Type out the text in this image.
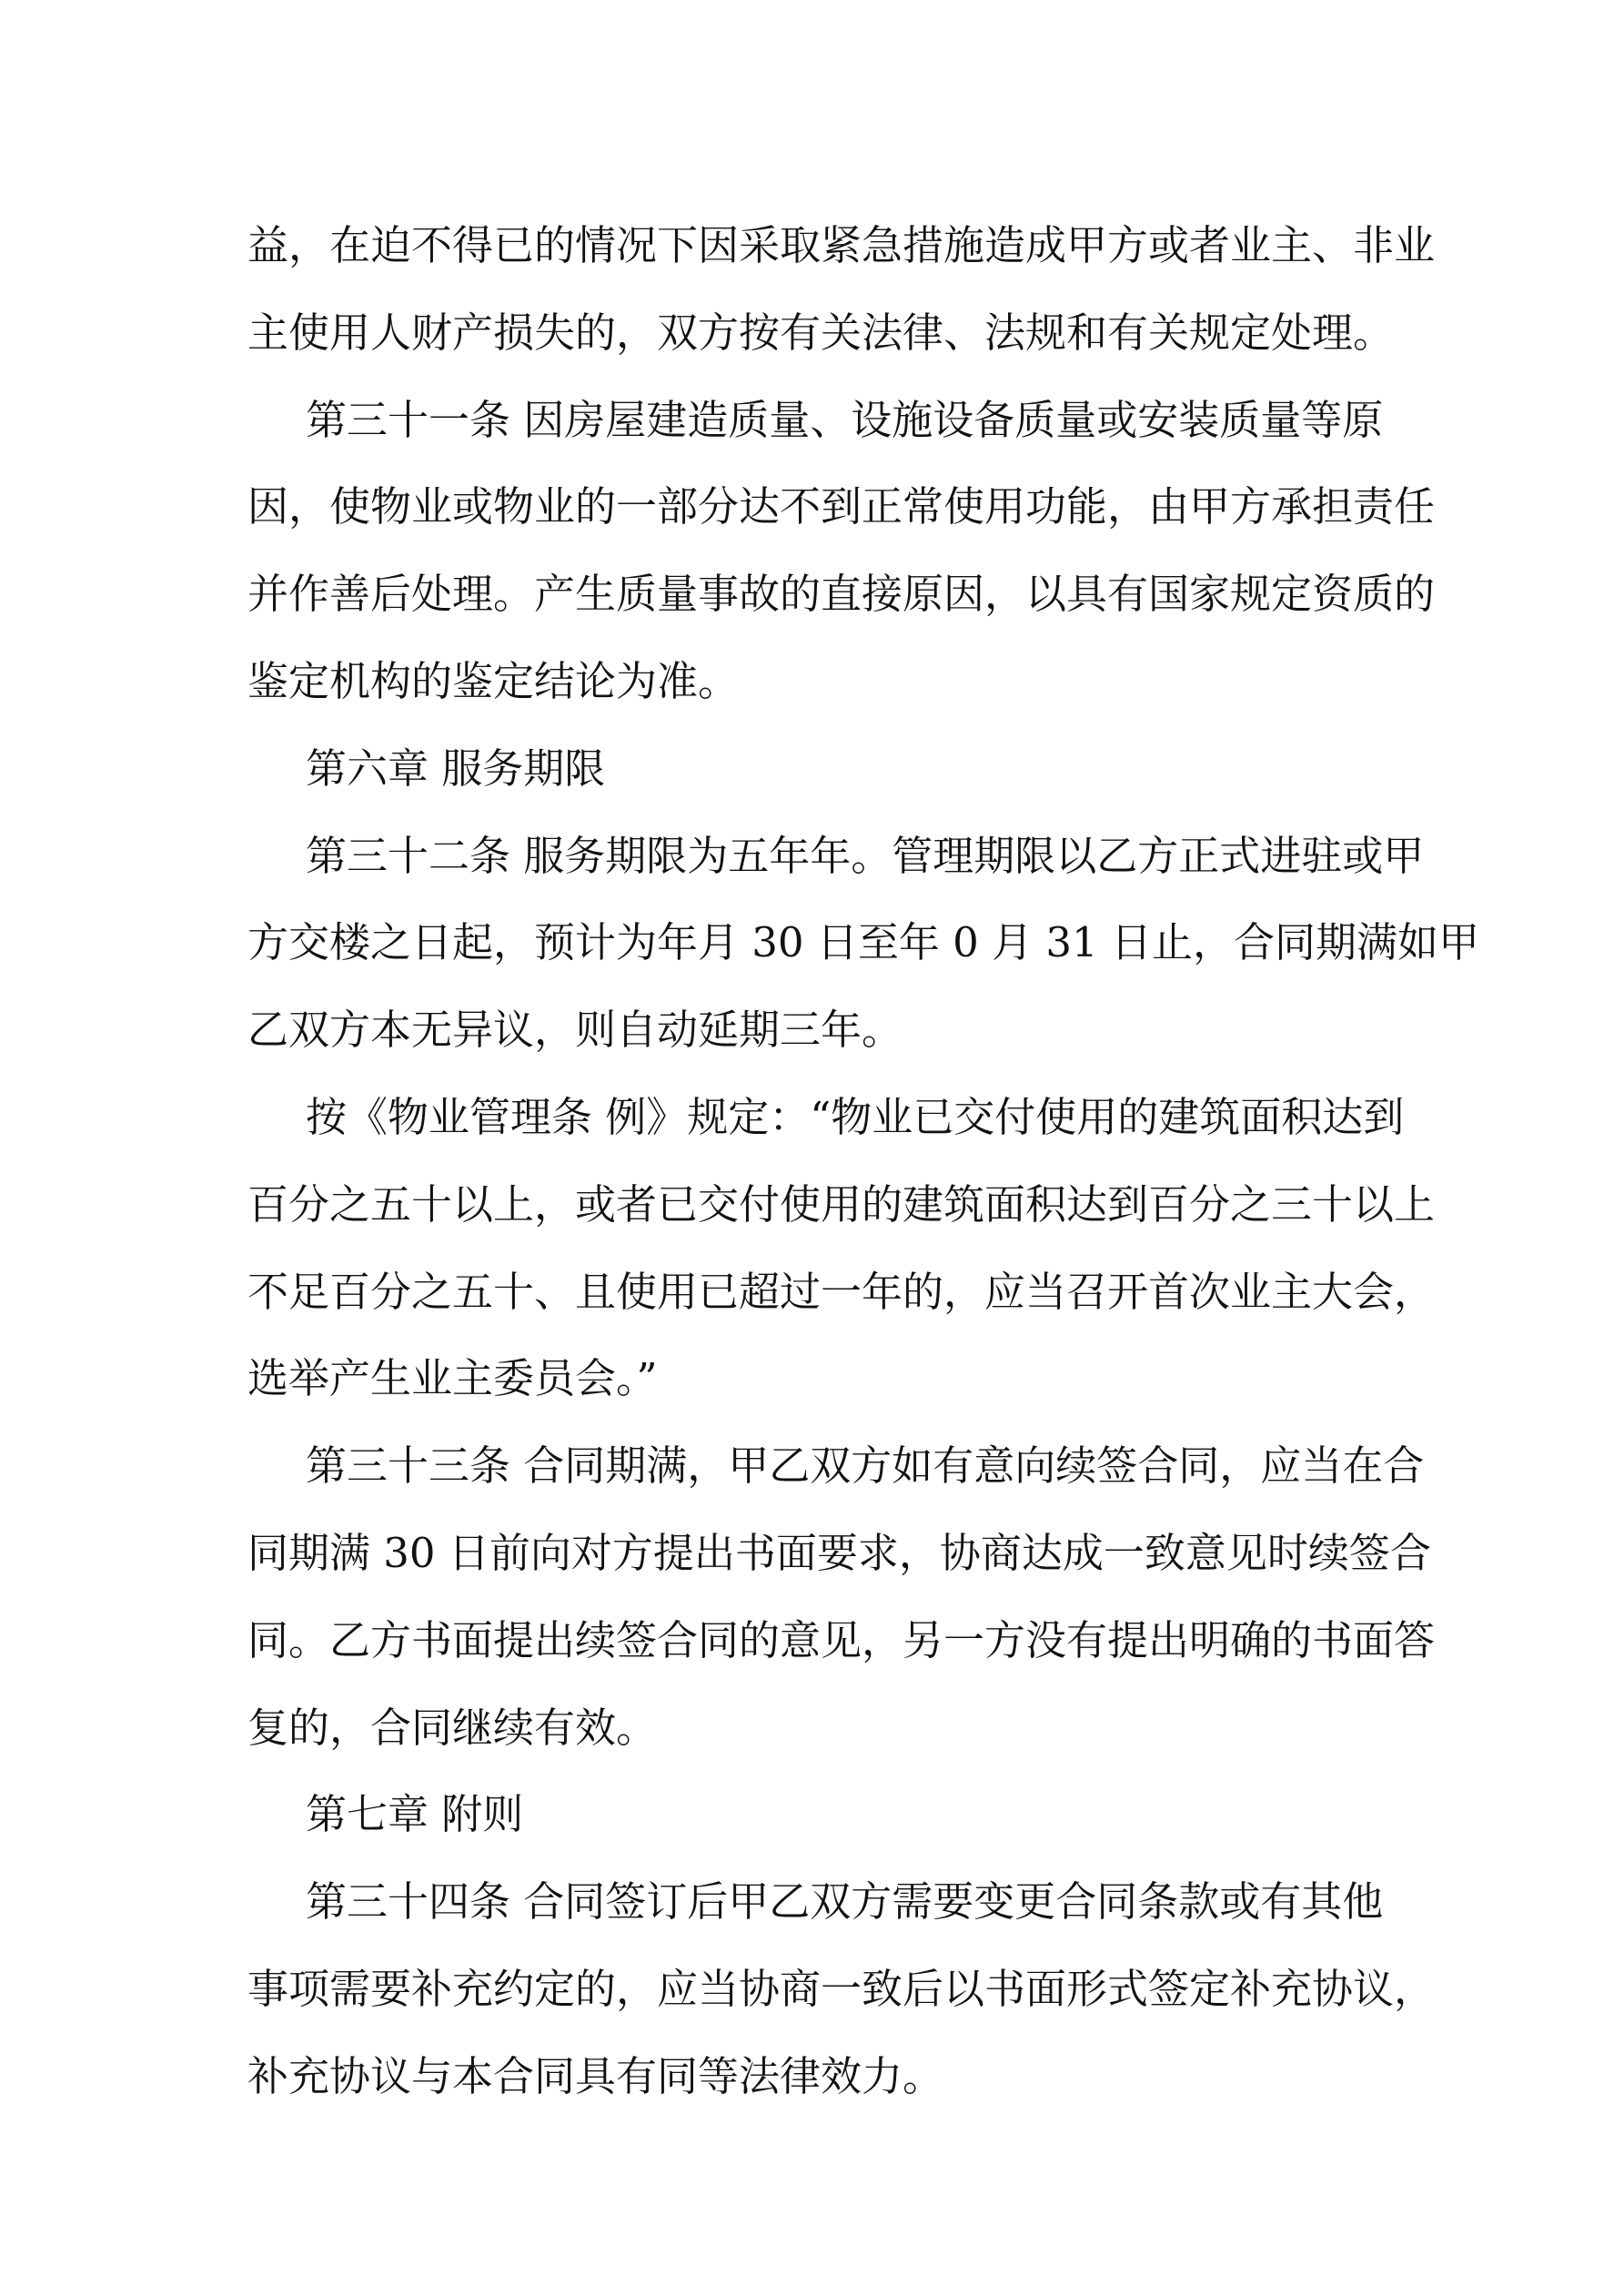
益，在迫不得已的情况下因采取紧急措施造成甲方或者业主、非业
主使用人财产损失的，双方按有关法律、法规和有关规定处理。
第三十一条 因房屋建造质量、设施设备质量或安装质量等原
因，使物业或物业的一部分达不到正常使用功能，由甲方承担责任
并作善后处理。产生质量事故的直接原因，以具有国家规定资质的
鉴定机构的鉴定结论为准。
第六章 服务期限
第三十二条 服务期限为五年年。管理期限以乙方正式进驻或甲
方交楼之日起，预计为年月 30 日至年 0 月 31 日止，合同期满如甲
乙双方本无异议，则自动延期三年。
按《物业管理条 例》规定：“物业已交付使用的建筑面积达到
百分之五十以上，或者已交付使用的建筑面积达到百分之三十以上
不足百分之五十、且使用已超过一年的，应当召开首次业主大会，
选举产生业主委员会。”
第三十三条 合同期满，甲乙双方如有意向续签合同，应当在合
同期满 30 日前向对方提出书面要求，协商达成一致意见时续签合
同。乙方书面提出续签合同的意见，另一方没有提出明确的书面答
复的，合同继续有效。
第七章 附则
第三十四条 合同签订后甲乙双方需要变更合同条款或有其他
事项需要补充约定的，应当协商一致后以书面形式签定补充协议，
补充协议与本合同具有同等法律效力。
